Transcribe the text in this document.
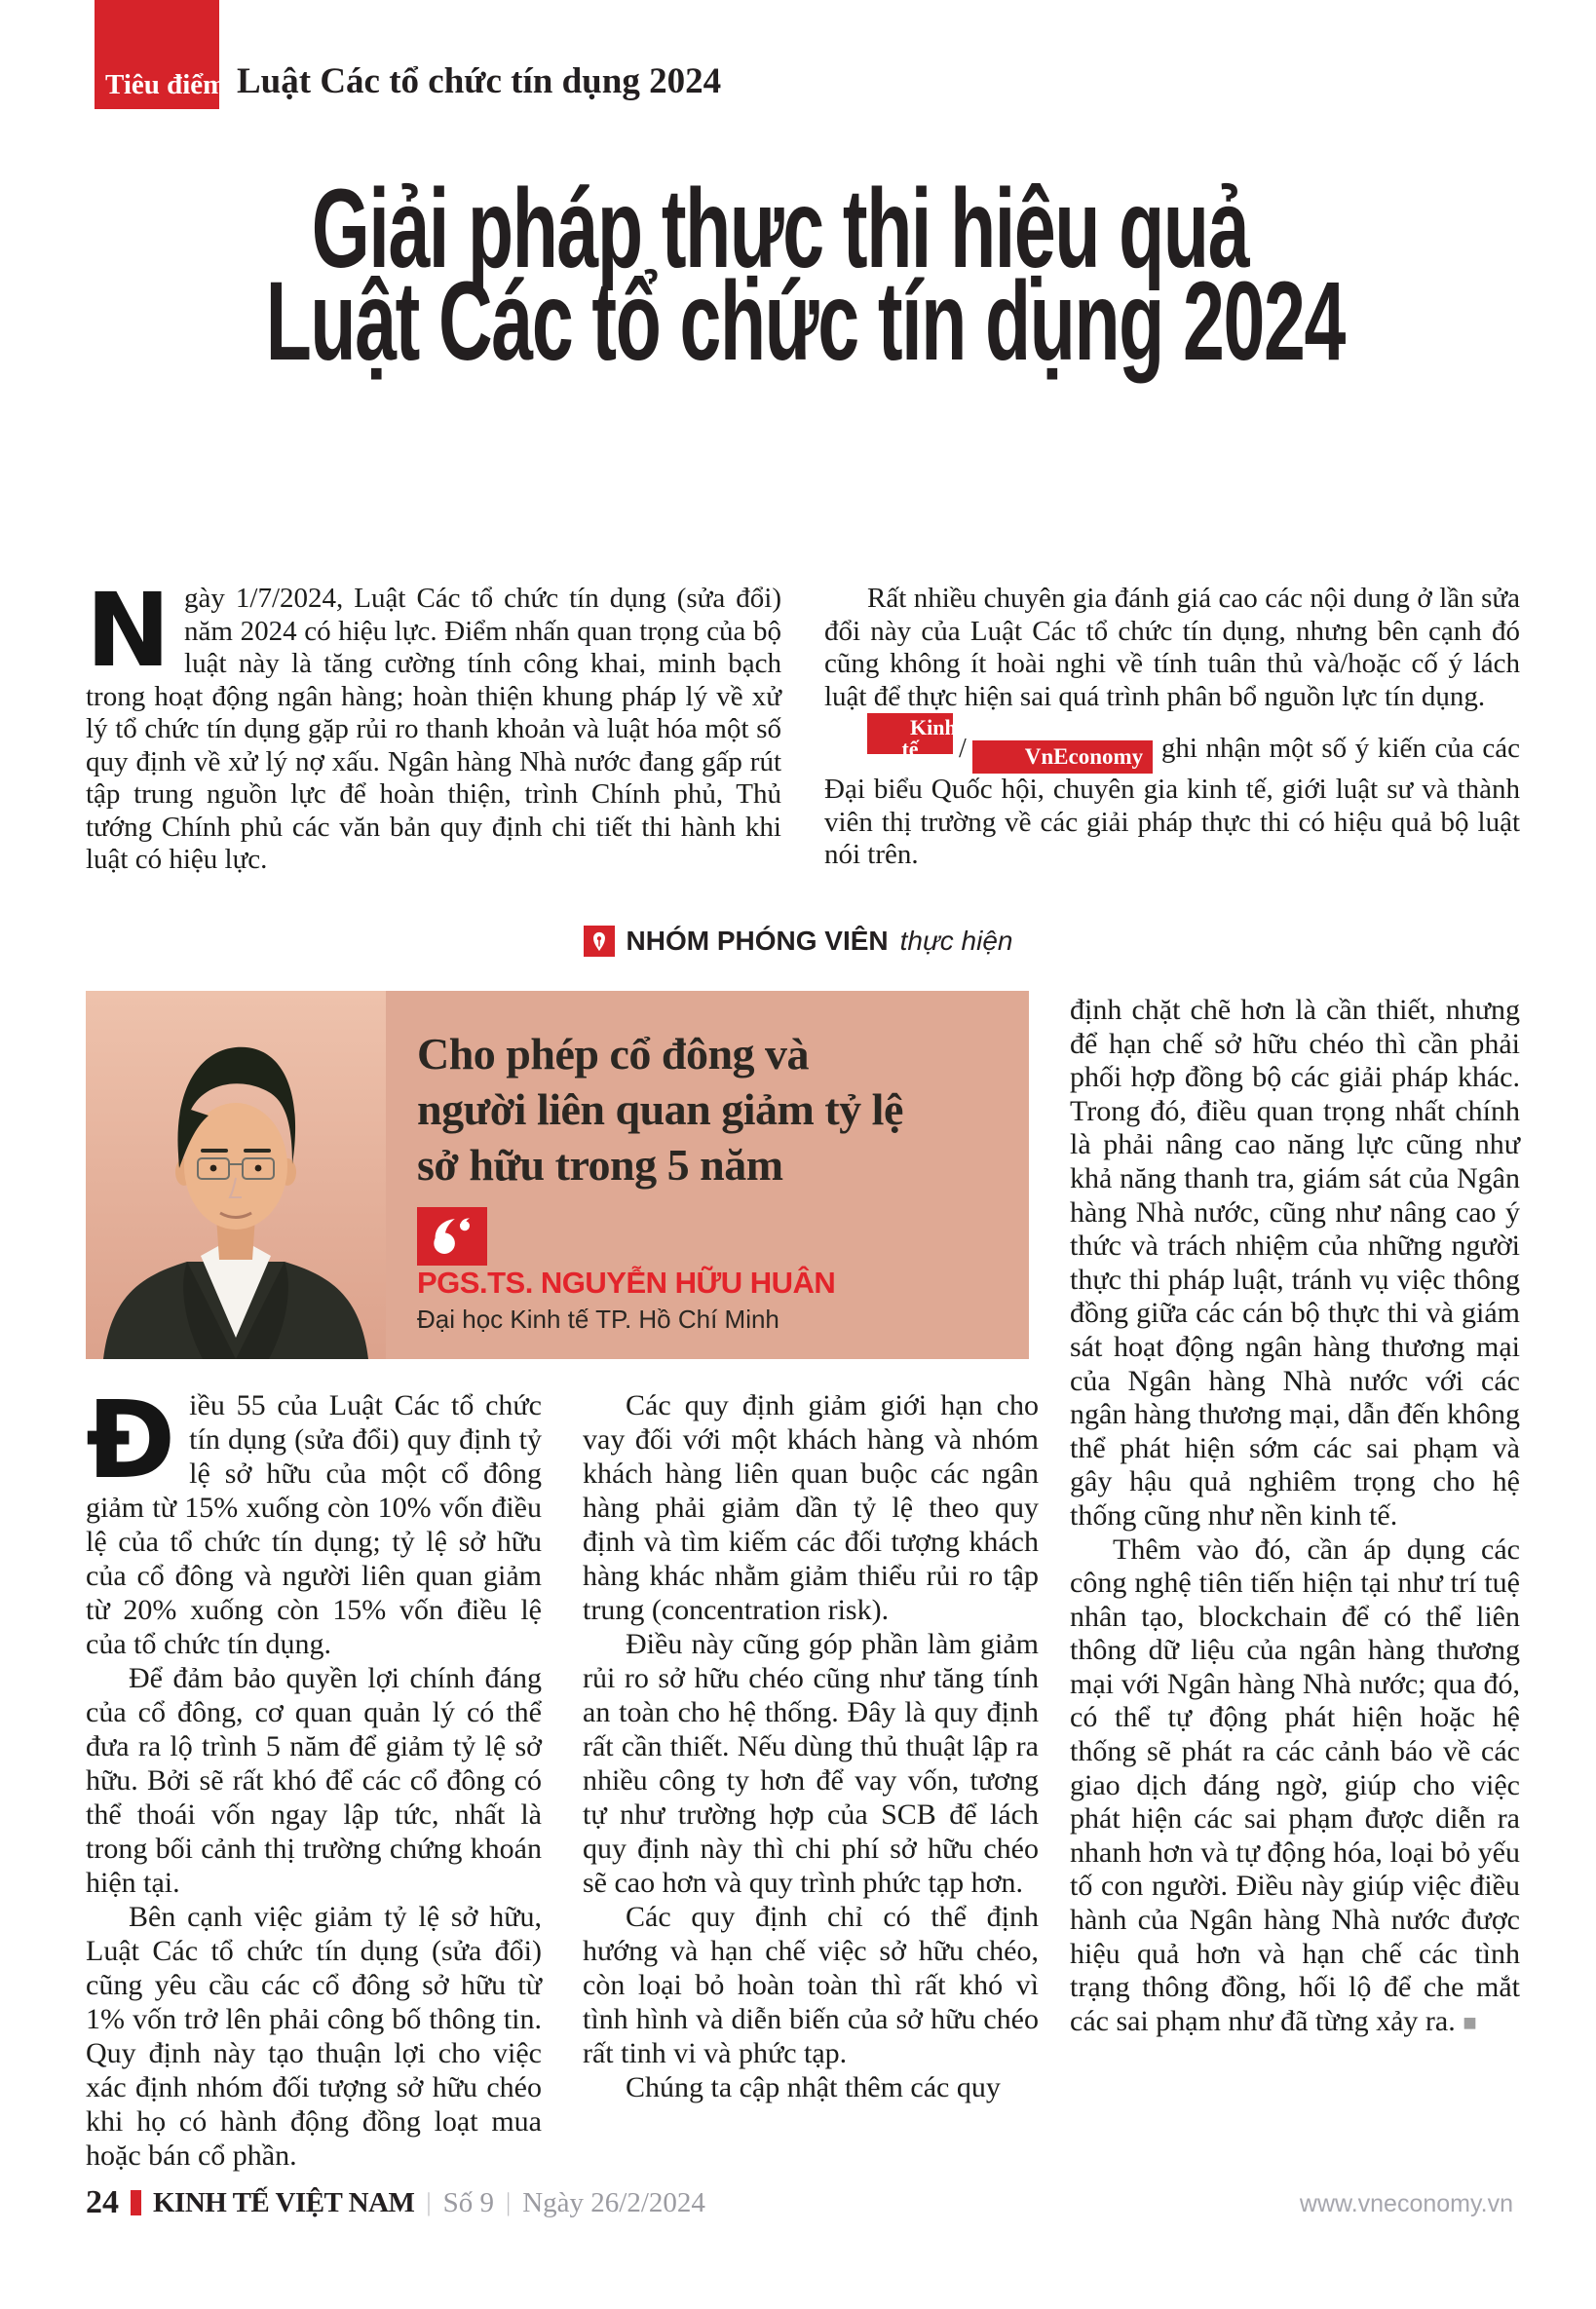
Tiêu điểm Luật Các tổ chức tín dụng 2024
Giải pháp thực thi hiệu quả
Luật Các tổ chức tín dụng 2024

Ngày 1/7/2024, Luật Các tổ chức tín dụng (sửa đổi) năm 2024 có hiệu lực. Điểm nhấn quan trọng của bộ luật này là tăng cường tính công khai, minh bạch trong hoạt động ngân hàng; hoàn thiện khung pháp lý về xử lý tổ chức tín dụng gặp rủi ro thanh khoản và luật hóa một số quy định về xử lý nợ xấu. Ngân hàng Nhà nước đang gấp rút tập trung nguồn lực để hoàn thiện, trình Chính phủ, Thủ tướng Chính phủ các văn bản quy định chi tiết thi hành khi luật có hiệu lực.

Rất nhiều chuyên gia đánh giá cao các nội dung ở lần sửa đổi này của Luật Các tổ chức tín dụng, nhưng bên cạnh đó cũng không ít hoài nghi về tính tuân thủ và/hoặc cố ý lách luật để thực hiện sai quá trình phân bổ nguồn lực tín dụng.

Kinh tế
Việt Nam
/	VnEconomy ghi nhận một số ý kiến của các Đại biểu Quốc hội, chuyên gia kinh tế, giới luật sư và thành viên thị trường về các giải pháp thực thi có hiệu quả bộ luật nói trên.

NHÓM PHÓNG VIÊN thực hiện
Cho phép cổ đông và
người liên quan giảm tỷ lệ
sở hữu trong 5 năm
PGS.TS. NGUYỄN HỮU HUÂN
Đại học Kinh tế TP. Hồ Chí Minh

Điều 55 của Luật Các tổ chức tín dụng (sửa đổi) quy định tỷ lệ sở hữu của một cổ đông giảm từ 15% xuống còn 10% vốn điều lệ của tổ chức tín dụng; tỷ lệ sở hữu của cổ đông và người liên quan giảm từ 20% xuống còn 15% vốn điều lệ của tổ chức tín dụng.

Để đảm bảo quyền lợi chính đáng của cổ đông, cơ quan quản lý có thể đưa ra lộ trình 5 năm để giảm tỷ lệ sở hữu. Bởi sẽ rất khó để các cổ đông có thể thoái vốn ngay lập tức, nhất là trong bối cảnh thị trường chứng khoán hiện tại.

Bên cạnh việc giảm tỷ lệ sở hữu, Luật Các tổ chức tín dụng (sửa đổi) cũng yêu cầu các cổ đông sở hữu từ 1% vốn trở lên phải công bố thông tin. Quy định này tạo thuận lợi cho việc xác định nhóm đối tượng sở hữu chéo khi họ có hành động đồng loạt mua hoặc bán cổ phần.

Các quy định giảm giới hạn cho vay đối với một khách hàng và nhóm khách hàng liên quan buộc các ngân hàng phải giảm dần tỷ lệ theo quy định và tìm kiếm các đối tượng khách hàng khác nhằm giảm thiểu rủi ro tập trung (concentration risk).

Điều này cũng góp phần làm giảm rủi ro sở hữu chéo cũng như tăng tính an toàn cho hệ thống. Đây là quy định rất cần thiết. Nếu dùng thủ thuật lập ra nhiều công ty hơn để vay vốn, tương tự như trường hợp của SCB để lách quy định này thì chi phí sở hữu chéo sẽ cao hơn và quy trình phức tạp hơn.

Các quy định chỉ có thể định hướng và hạn chế việc sở hữu chéo, còn loại bỏ hoàn toàn thì rất khó vì tình hình và diễn biến của sở hữu chéo rất tinh vi và phức tạp.

Chúng ta cập nhật thêm các quy

định chặt chẽ hơn là cần thiết, nhưng để hạn chế sở hữu chéo thì cần phải phối hợp đồng bộ các giải pháp khác. Trong đó, điều quan trọng nhất chính là phải nâng cao năng lực cũng như khả năng thanh tra, giám sát của Ngân hàng Nhà nước, cũng như nâng cao ý thức và trách nhiệm của những người thực thi pháp luật, tránh vụ việc thông đồng giữa các cán bộ thực thi và giám sát hoạt động ngân hàng thương mại của Ngân hàng Nhà nước với các ngân hàng thương mại, dẫn đến không thể phát hiện sớm các sai phạm và gây hậu quả nghiêm trọng cho hệ thống cũng như nền kinh tế.

Thêm vào đó, cần áp dụng các công nghệ tiên tiến hiện tại như trí tuệ nhân tạo, blockchain để có thể liên thông dữ liệu của ngân hàng thương mại với Ngân hàng Nhà nước; qua đó, có thể tự động phát hiện hoặc hệ thống sẽ phát ra các cảnh báo về các giao dịch đáng ngờ, giúp cho việc phát hiện các sai phạm được diễn ra nhanh hơn và tự động hóa, loại bỏ yếu tố con người. Điều này giúp việc điều hành của Ngân hàng Nhà nước được hiệu quả hơn và hạn chế các tình trạng thông đồng, hối lộ để che mắt các sai phạm như đã từng xảy ra. ■

24 KINH TẾ VIỆT NAM | Số 9 | Ngày 26/2/2024	www.vneconomy.vn
